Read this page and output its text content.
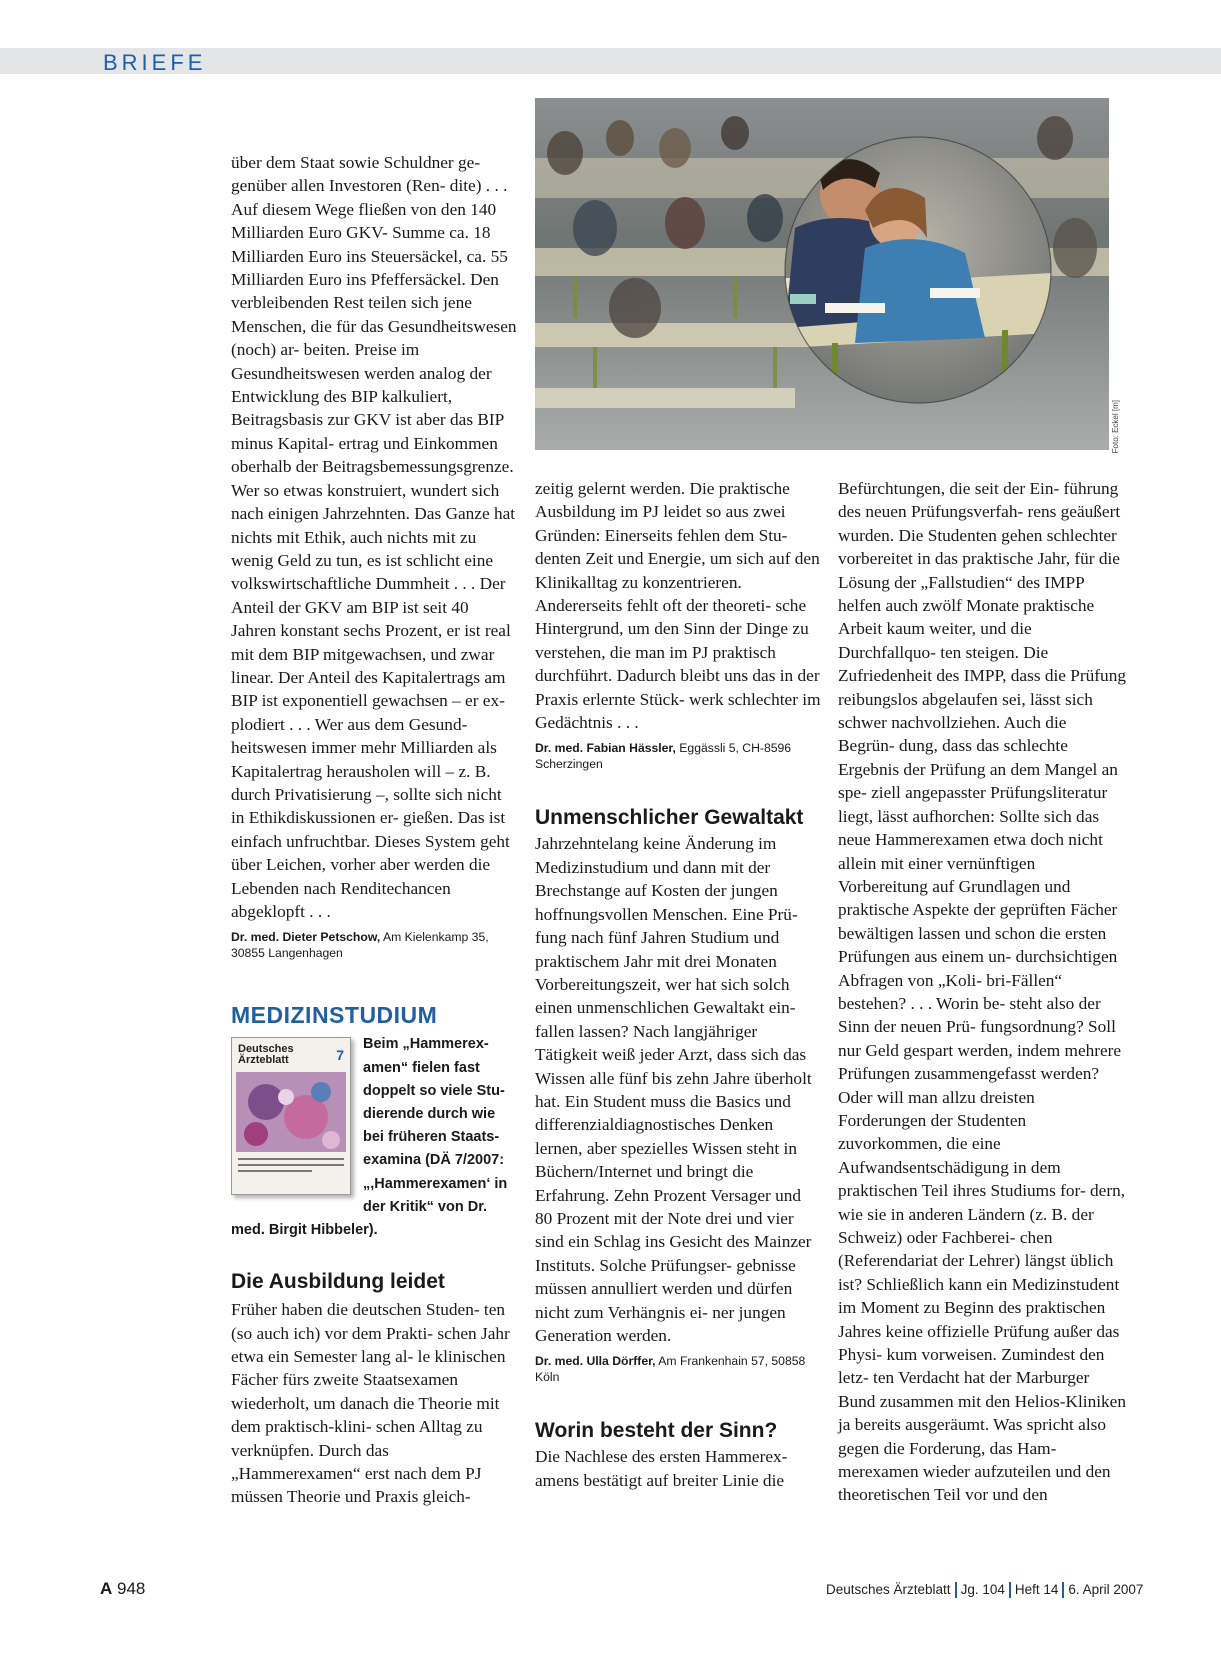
BRIEFE
Foto: Eckel [m]

über dem Staat sowie Schuldner ge- genüber allen Investoren (Ren- dite) . . . Auf diesem Wege fließen von den 140 Milliarden Euro GKV- Summe ca. 18 Milliarden Euro ins Steuersäckel, ca. 55 Milliarden Euro ins Pfeffersäckel. Den verbleibenden Rest teilen sich jene Menschen, die für das Gesundheitswesen (noch) ar- beiten. Preise im Gesundheitswesen werden analog der Entwicklung des BIP kalkuliert, Beitragsbasis zur GKV ist aber das BIP minus Kapital- ertrag und Einkommen oberhalb der Beitragsbemessungsgrenze.

Wer so etwas konstruiert, wundert sich nach einigen Jahrzehnten. Das Ganze hat nichts mit Ethik, auch nichts mit zu wenig Geld zu tun, es ist schlicht eine volkswirtschaftliche Dummheit . . . Der Anteil der GKV am BIP ist seit 40 Jahren konstant sechs Prozent, er ist real mit dem BIP mitgewachsen, und zwar linear. Der Anteil des Kapitalertrags am BIP ist exponentiell gewachsen – er ex- plodiert . . . Wer aus dem Gesund- heitswesen immer mehr Milliarden als Kapitalertrag herausholen will – z. B. durch Privatisierung –, sollte sich nicht in Ethikdiskussionen er- gießen. Das ist einfach unfruchtbar. Dieses System geht über Leichen, vorher aber werden die Lebenden nach Renditechancen abgeklopft . . .

Dr. med. Dieter Petschow, Am Kielenkamp 35, 30855 Langenhagen

MEDIZINSTUDIUM
Deutsches
Ärzteblatt	7

Beim „Hammerex- amen“ fielen fast doppelt so viele Stu- dierende durch wie bei früheren Staats- examina (DÄ 7/2007: „,Hammerexamen‘ in der Kritik“ von Dr. med. Birgit Hibbeler).

Die Ausbildung leidet

Früher haben die deutschen Studen- ten (so auch ich) vor dem Prakti- schen Jahr etwa ein Semester lang al- le klinischen Fächer fürs zweite Staatsexamen wiederholt, um danach die Theorie mit dem praktisch-klini- schen Alltag zu verknüpfen. Durch das „Hammerexamen“ erst nach dem PJ müssen Theorie und Praxis gleich-

zeitig gelernt werden. Die praktische Ausbildung im PJ leidet so aus zwei Gründen: Einerseits fehlen dem Stu- denten Zeit und Energie, um sich auf den Klinikalltag zu konzentrieren. Andererseits fehlt oft der theoreti- sche Hintergrund, um den Sinn der Dinge zu verstehen, die man im PJ praktisch durchführt. Dadurch bleibt uns das in der Praxis erlernte Stück- werk schlechter im Gedächtnis . . .

Dr. med. Fabian Hässler, Eggässli 5, CH-8596 Scherzingen

Unmenschlicher Gewaltakt

Jahrzehntelang keine Änderung im Medizinstudium und dann mit der Brechstange auf Kosten der jungen hoffnungsvollen Menschen. Eine Prü- fung nach fünf Jahren Studium und praktischem Jahr mit drei Monaten Vorbereitungszeit, wer hat sich solch einen unmenschlichen Gewaltakt ein- fallen lassen? Nach langjähriger Tätigkeit weiß jeder Arzt, dass sich das Wissen alle fünf bis zehn Jahre überholt hat. Ein Student muss die Basics und differenzialdiagnostisches Denken lernen, aber spezielles Wissen steht in Büchern/Internet und bringt die Erfahrung. Zehn Prozent Versager und 80 Prozent mit der Note drei und vier sind ein Schlag ins Gesicht des Mainzer Instituts. Solche Prüfungser- gebnisse müssen annulliert werden und dürfen nicht zum Verhängnis ei- ner jungen Generation werden.

Dr. med. Ulla Dörffer, Am Frankenhain 57, 50858 Köln

Worin besteht der Sinn?

Die Nachlese des ersten Hammerex- amens bestätigt auf breiter Linie die

Befürchtungen, die seit der Ein- führung des neuen Prüfungsverfah- rens geäußert wurden. Die Studenten gehen schlechter vorbereitet in das praktische Jahr, für die Lösung der „Fallstudien“ des IMPP helfen auch zwölf Monate praktische Arbeit kaum weiter, und die Durchfallquo- ten steigen. Die Zufriedenheit des IMPP, dass die Prüfung reibungslos abgelaufen sei, lässt sich schwer nachvollziehen. Auch die Begrün- dung, dass das schlechte Ergebnis der Prüfung an dem Mangel an spe- ziell angepasster Prüfungsliteratur liegt, lässt aufhorchen: Sollte sich das neue Hammerexamen etwa doch nicht allein mit einer vernünftigen Vorbereitung auf Grundlagen und praktische Aspekte der geprüften Fächer bewältigen lassen und schon die ersten Prüfungen aus einem un- durchsichtigen Abfragen von „Koli- bri-Fällen“ bestehen? . . . Worin be- steht also der Sinn der neuen Prü- fungsordnung? Soll nur Geld gespart werden, indem mehrere Prüfungen zusammengefasst werden? Oder will man allzu dreisten Forderungen der Studenten zuvorkommen, die eine Aufwandsentschädigung in dem praktischen Teil ihres Studiums for- dern, wie sie in anderen Ländern (z. B. der Schweiz) oder Fachberei- chen (Referendariat der Lehrer) längst üblich ist? Schließlich kann ein Medizinstudent im Moment zu Beginn des praktischen Jahres keine offizielle Prüfung außer das Physi- kum vorweisen. Zumindest den letz- ten Verdacht hat der Marburger Bund zusammen mit den Helios-Kliniken ja bereits ausgeräumt. Was spricht also gegen die Forderung, das Ham- merexamen wieder aufzuteilen und den theoretischen Teil vor und den

A 948	Deutsches Ärzteblatt Jg. 104 Heft 14 6. April 2007
